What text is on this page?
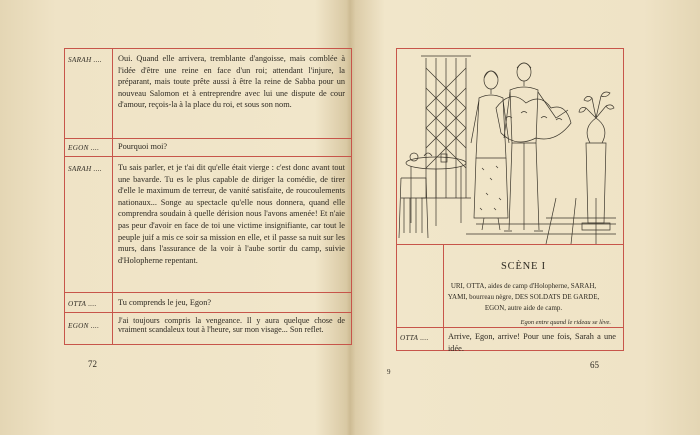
SARAH .... Oui. Quand elle arrivera, tremblante d'angoisse, mais comblée à l'idée d'être une reine en face d'un roi; attendant l'injure, la préparant, mais toute prête aussi à être la reine de Sabba pour un nouveau Salomon et à entreprendre avec lui une dispute de cour d'amour, reçois-la à la place du roi, et sous son nom.
EGON .... Pourquoi moi?
SARAH .... Tu sais parler, et je t'ai dit qu'elle était vierge : c'est donc avant tout une bavarde. Tu es le plus capable de diriger la comédie, de tirer d'elle le maximum de terreur, de vanité satisfaite, de roucoulements nationaux... Songe au spectacle qu'elle nous donnera, quand elle comprendra soudain à quelle dérision nous l'avons amenée! Et n'aie pas peur d'avoir en face de toi une victime insignifiante, car tout le peuple juif a mis ce soir sa mission en elle, et il passe sa nuit sur les murs, dans l'assurance de la voir à l'aube sortir du camp, suivie d'Holopherne repentant.
OTTA ....	Tu comprends le jeu, Egon?
EGON ....
J'ai toujours compris la vengeance. Il y aura quelque chose de vraiment scandaleux tout à l'heure, sur mon visage... Son reflet.
72
9
SCÈNE I
URI, OTTA, aides de camp d'Holopherne, SARAH,
YAMI, bourreau nègre, DES SOLDATS DE GARDE,
EGON, autre aide de camp.
Egon entre quand le rideau se lève.
OTTA .... Arrive, Egon, arrive! Pour une fois, Sarah a une idée.
65
